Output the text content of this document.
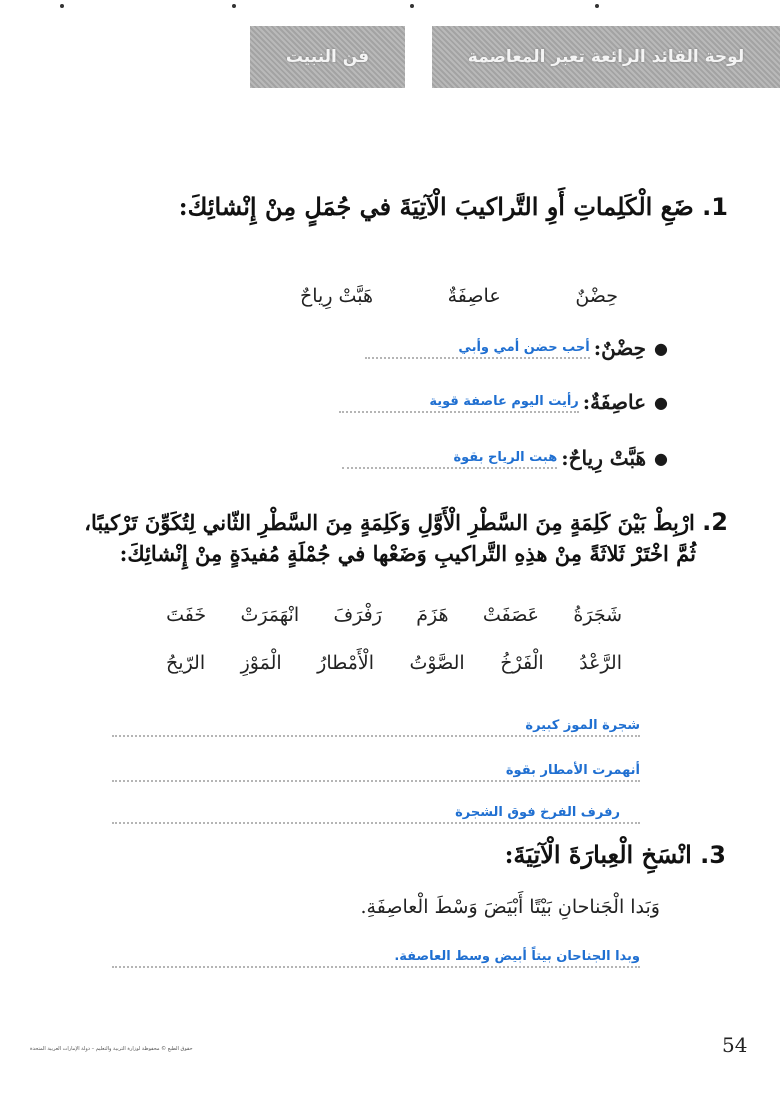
فن النبيت	لوحة القائد الرائعة تعبر المعاصمة
1. ضَعِ الْكَلِماتِ أَوِ التَّراكيبَ الْآتِيَةَ في جُمَلٍ مِنْ إِنْشائِكَ:
حِضْنٌ
عاصِفَةٌ
هَبَّتْ رِياحٌ
●
حِضْنٌ:
أحب حضن أمي وأبي
●
عاصِفَةٌ:
رأيت اليوم عاصفة قوية
●
هَبَّتْ رِياحٌ:
هبت الرياح بقوة
2. ارْبِطْ بَيْنَ كَلِمَةٍ مِنَ السَّطْرِ الْأَوَّلِ وَكَلِمَةٍ مِنَ السَّطْرِ الثّاني لِتُكَوِّنَ تَرْكيبًا،
ثُمَّ اخْتَرْ ثَلاثَةً مِنْ هذِهِ التَّراكيبِ وَضَعْها في جُمْلَةٍ مُفيدَةٍ مِنْ إِنْشائِكَ:
شَجَرَةُ
عَصَفَتْ
هَزَمَ
رَفْرَفَ
انْهَمَرَتْ
خَفَتَ
الرَّعْدُ
الْفَرْخُ
الصَّوْتُ
الْأَمْطارُ
الْمَوْزِ
الرّيحُ
شجرة الموز كبيرة
أنهمرت الأمطار بقوة
رفرف الفرخ فوق الشجرة
3. انْسَخِ الْعِبارَةَ الْآتِيَةَ:
وَبَدا الْجَناحانِ بَيْتًا أَبْيَضَ وَسْطَ الْعاصِفَةِ.
وبدا الجناحان بيتاً أبيض وسط العاصفة.
حقوق الطبع © محفوظة لوزارة التربية والتعليم – دولة الإمارات العربية المتحدة	54
